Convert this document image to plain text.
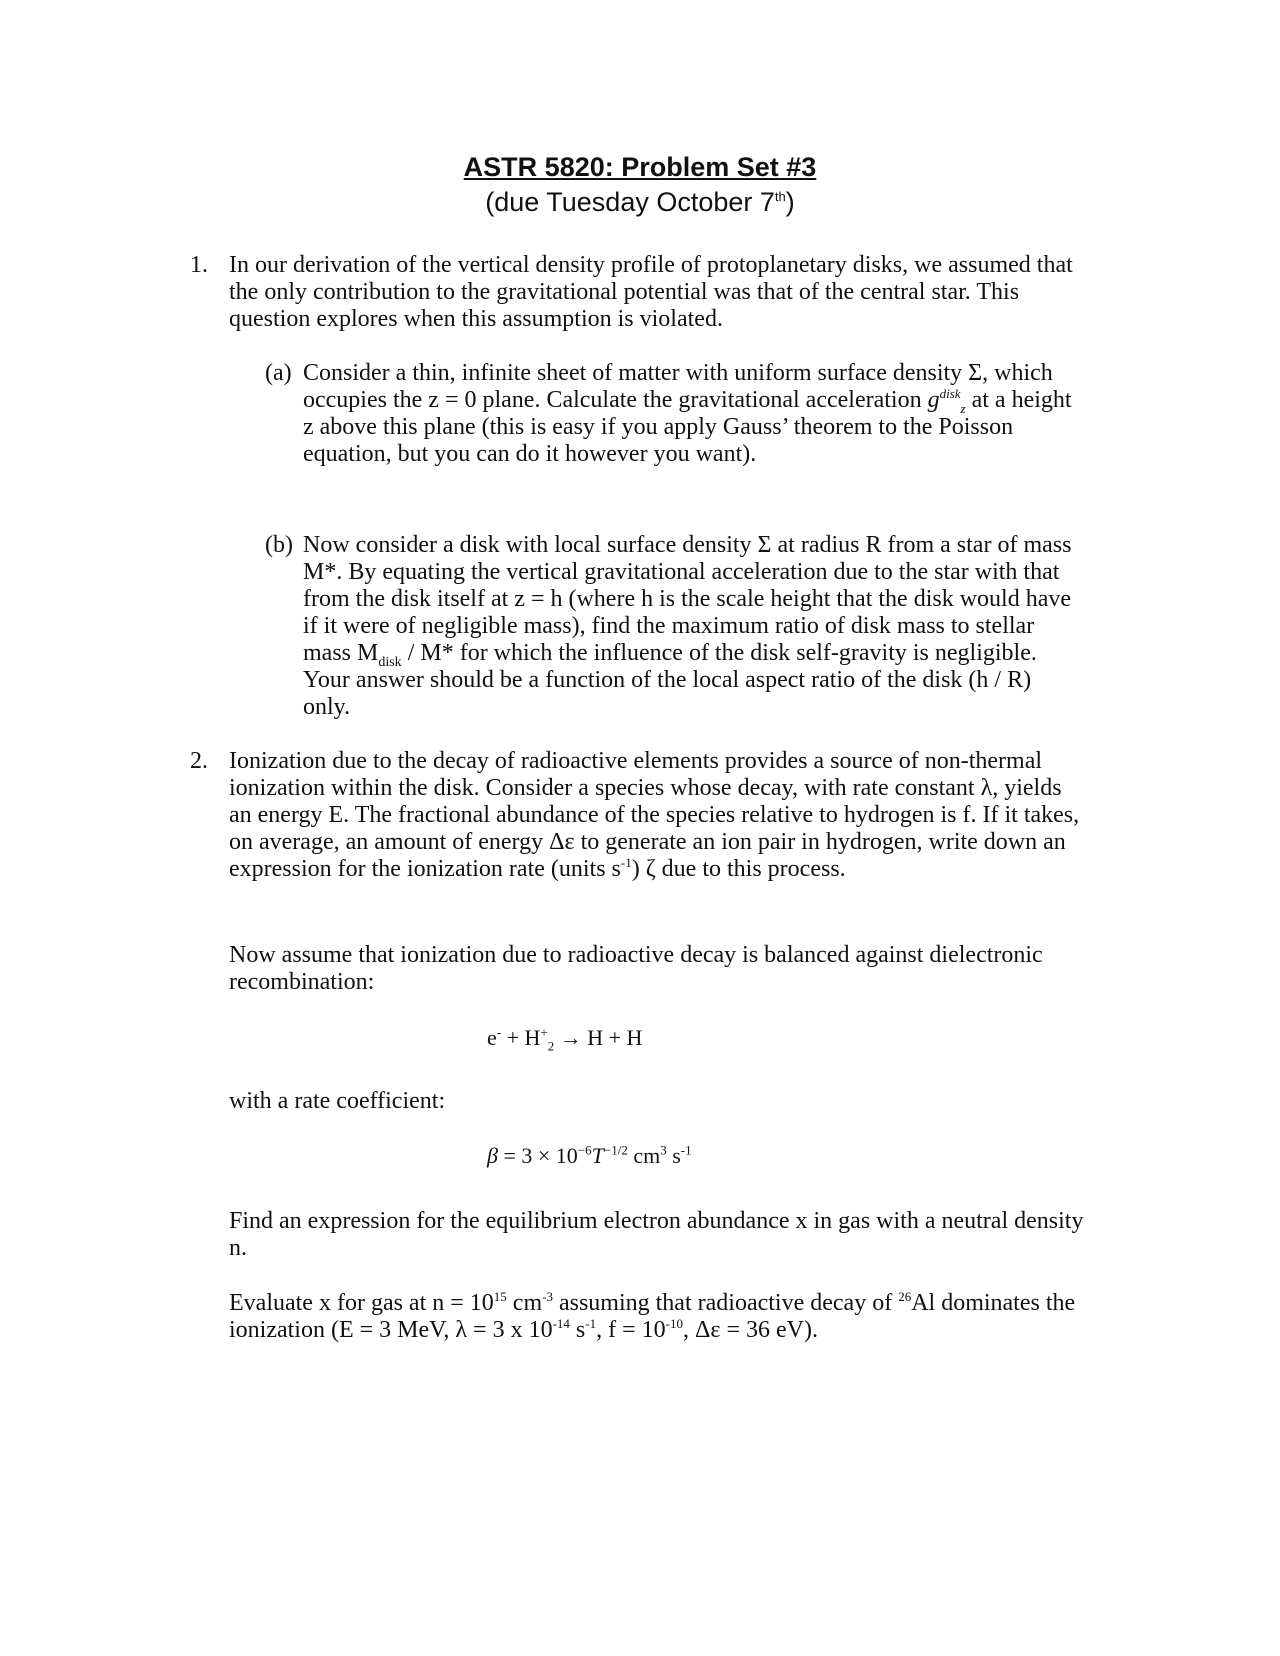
ASTR 5820: Problem Set #3
(due Tuesday October 7th)
1. In our derivation of the vertical density profile of protoplanetary disks, we assumed that the only contribution to the gravitational potential was that of the central star. This question explores when this assumption is violated.

(a) Consider a thin, infinite sheet of matter with uniform surface density Σ, which occupies the z = 0 plane. Calculate the gravitational acceleration $g^{disk}_z$ at a height z above this plane (this is easy if you apply Gauss’ theorem to the Poisson equation, but you can do it however you want).

(b) Now consider a disk with local surface density Σ at radius R from a star of mass M*. By equating the vertical gravitational acceleration due to the star with that from the disk itself at z = h (where h is the scale height that the disk would have if it were of negligible mass), find the maximum ratio of disk mass to stellar mass $M_{disk} / M*$ for which the influence of the disk self-gravity is negligible. Your answer should be a function of the local aspect ratio of the disk (h / R) only.

2. Ionization due to the decay of radioactive elements provides a source of non-thermal ionization within the disk. Consider a species whose decay, with rate constant λ, yields an energy E. The fractional abundance of the species relative to hydrogen is f. If it takes, on average, an amount of energy Δε to generate an ion pair in hydrogen, write down an expression for the ionization rate (units $s^{-1}$) ζ due to this process.

Now assume that ionization due to radioactive decay is balanced against dielectronic recombination:

$e^- + H^+_2 \to H + H$

with a rate coefficient:

$\beta = 3 \times 10^{-6}T^{-1/2}$ $cm^3$ $s^{-1}$

Find an expression for the equilibrium electron abundance x in gas with a neutral density n.

Evaluate x for gas at $n = 10^{15}$ $cm^{-3}$ assuming that radioactive decay of $^{26}$Al dominates the ionization (E = 3 MeV, λ = 3 x $10^{-14}$ $s^{-1}$, $f = 10^{-10}$, Δε = 36 eV).
